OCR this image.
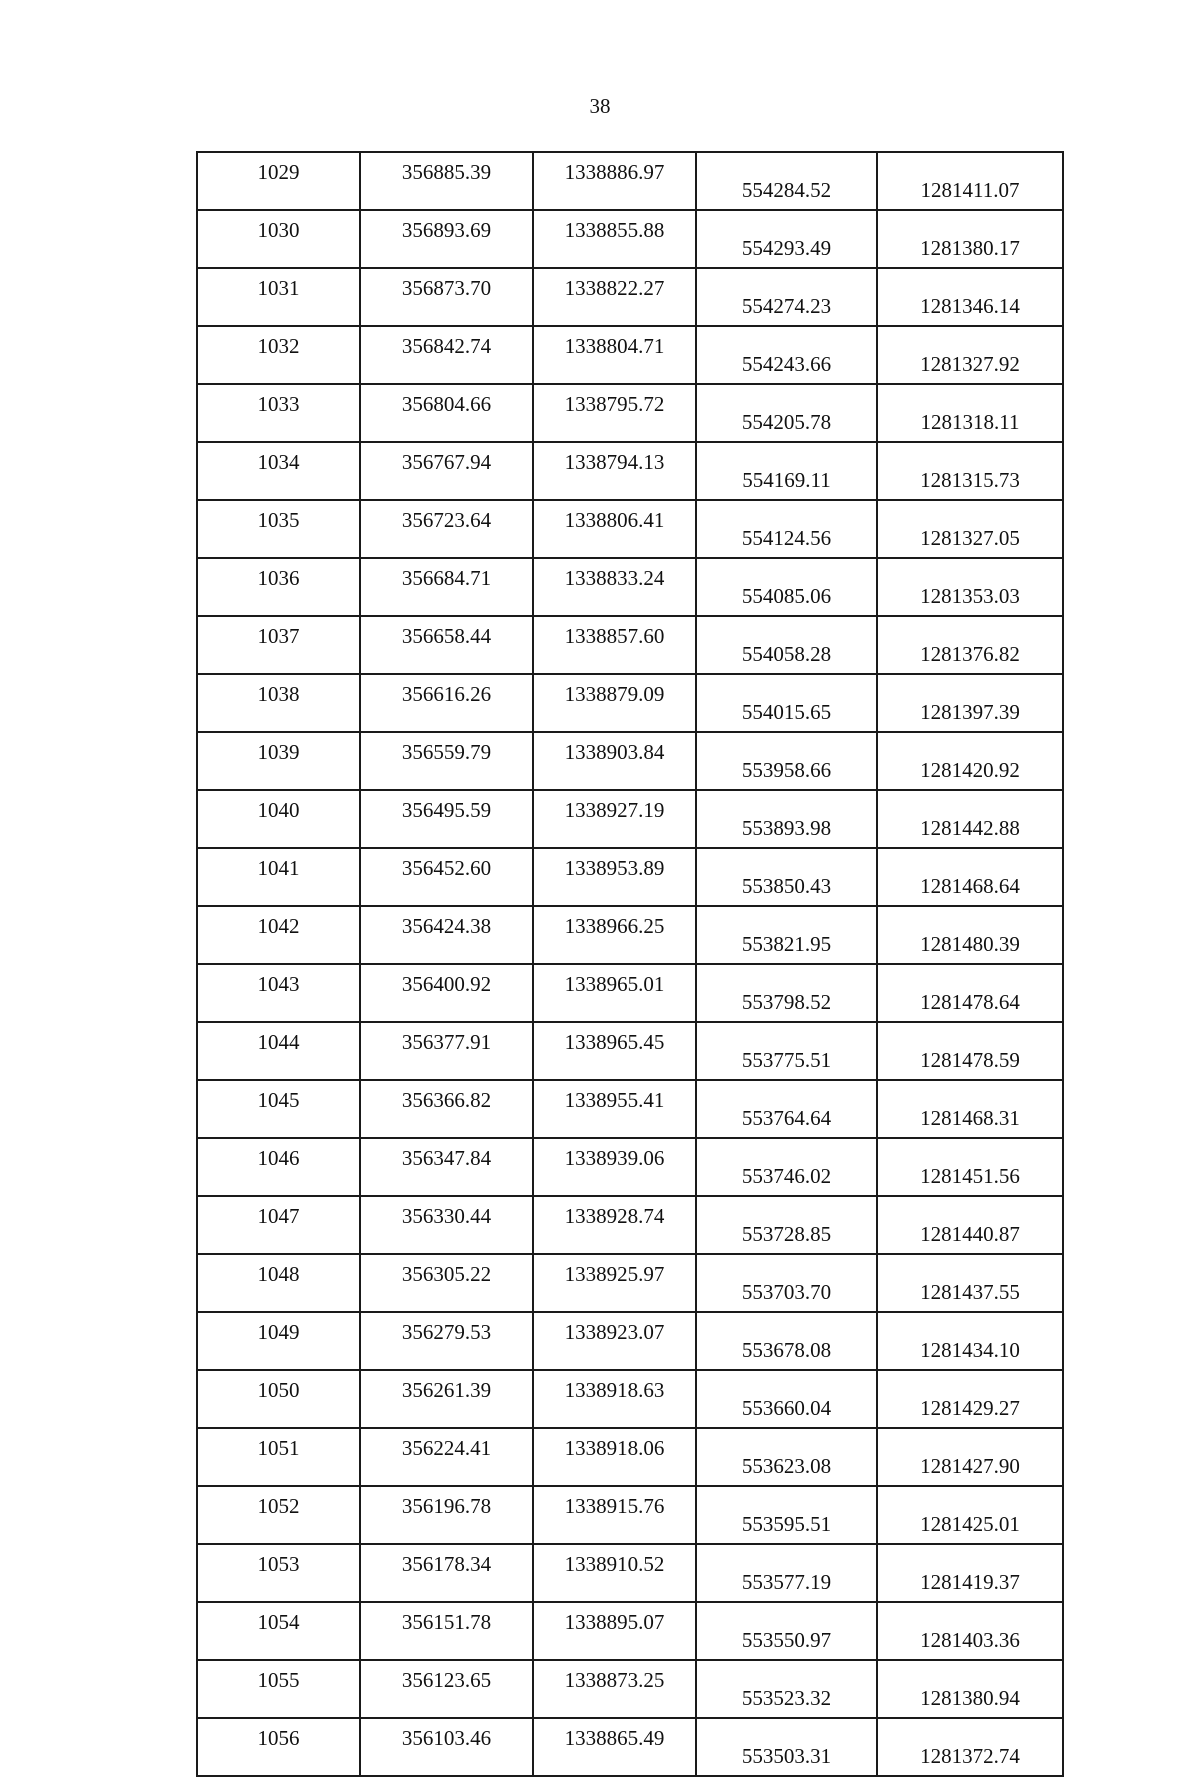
38
1029	356885.39	1338886.97	554284.52	1281411.07
1030	356893.69	1338855.88	554293.49	1281380.17
1031	356873.70	1338822.27	554274.23	1281346.14
1032	356842.74	1338804.71	554243.66	1281327.92
1033	356804.66	1338795.72	554205.78	1281318.11
1034	356767.94	1338794.13	554169.11	1281315.73
1035	356723.64	1338806.41	554124.56	1281327.05
1036	356684.71	1338833.24	554085.06	1281353.03
1037	356658.44	1338857.60	554058.28	1281376.82
1038	356616.26	1338879.09	554015.65	1281397.39
1039	356559.79	1338903.84	553958.66	1281420.92
1040	356495.59	1338927.19	553893.98	1281442.88
1041	356452.60	1338953.89	553850.43	1281468.64
1042	356424.38	1338966.25	553821.95	1281480.39
1043	356400.92	1338965.01	553798.52	1281478.64
1044	356377.91	1338965.45	553775.51	1281478.59
1045	356366.82	1338955.41	553764.64	1281468.31
1046	356347.84	1338939.06	553746.02	1281451.56
1047	356330.44	1338928.74	553728.85	1281440.87
1048	356305.22	1338925.97	553703.70	1281437.55
1049	356279.53	1338923.07	553678.08	1281434.10
1050	356261.39	1338918.63	553660.04	1281429.27
1051	356224.41	1338918.06	553623.08	1281427.90
1052	356196.78	1338915.76	553595.51	1281425.01
1053	356178.34	1338910.52	553577.19	1281419.37
1054	356151.78	1338895.07	553550.97	1281403.36
1055	356123.65	1338873.25	553523.32	1281380.94
1056	356103.46	1338865.49	553503.31	1281372.74
